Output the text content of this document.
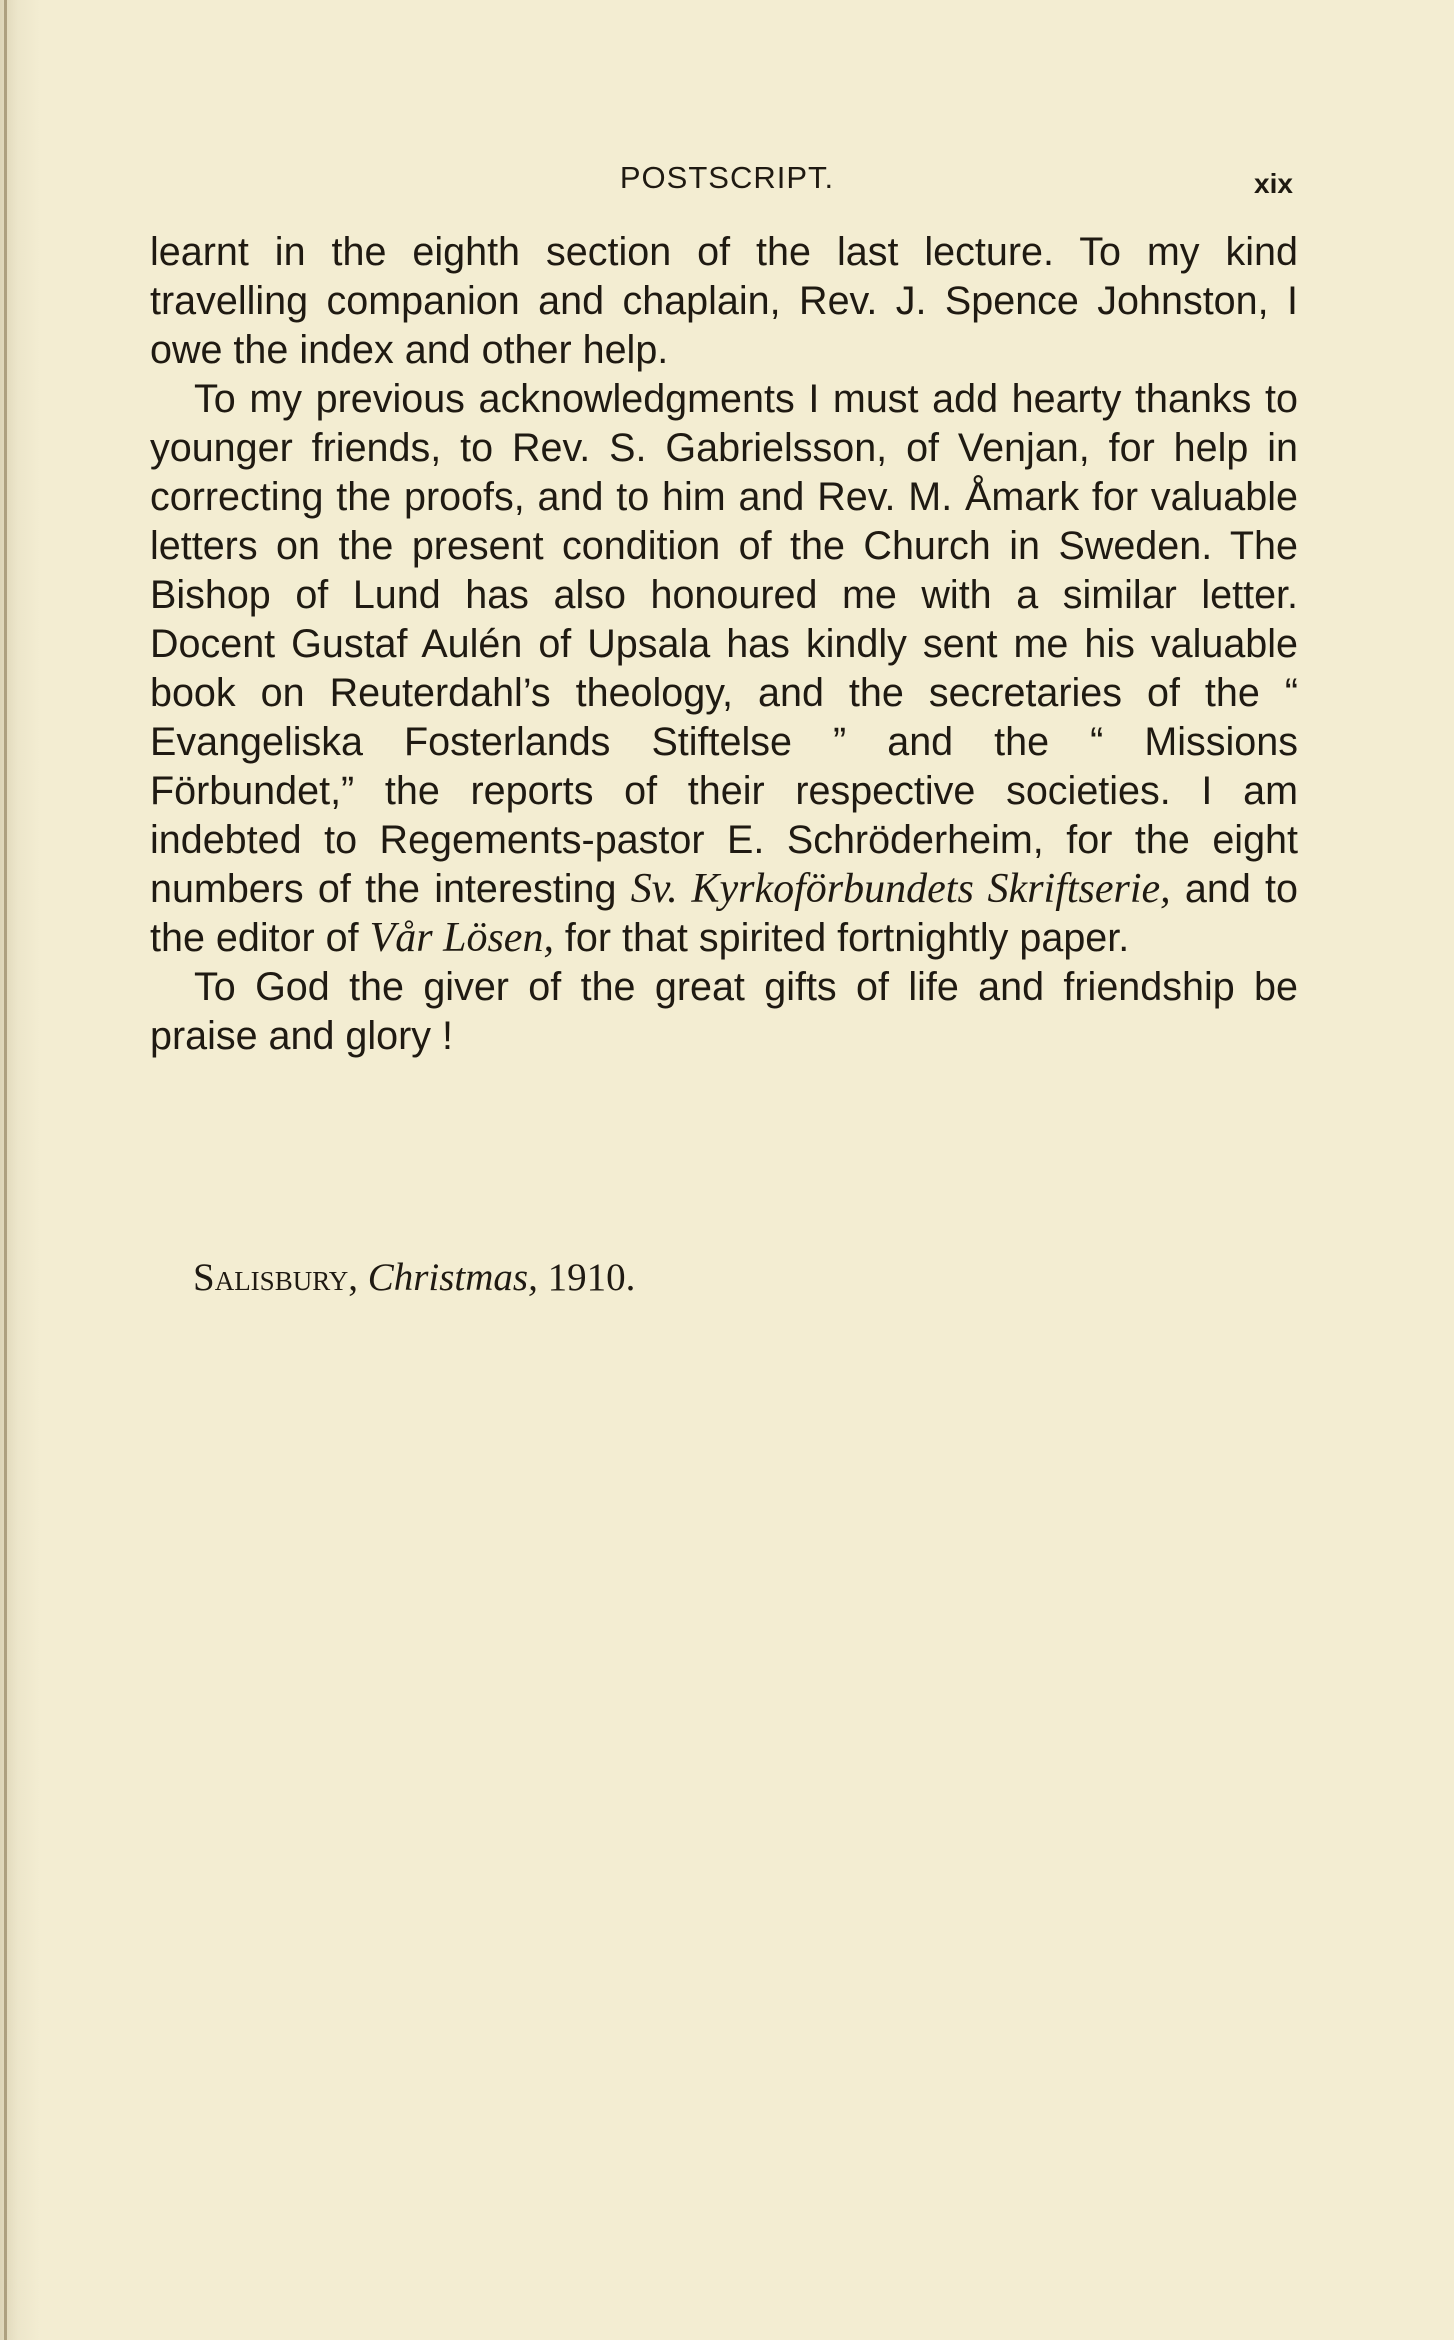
POSTSCRIPT.	xix

learnt in the eighth section of the last lecture. To my kind travelling companion and chaplain, Rev. J. Spence Johnston, I owe the index and other help.

To my previous acknowledgments I must add hearty thanks to younger friends, to Rev. S. Gabrielsson, of Venjan, for help in correcting the proofs, and to him and Rev. M. Åmark for valuable letters on the present condition of the Church in Sweden. The Bishop of Lund has also honoured me with a similar letter. Docent Gustaf Aulén of Upsala has kindly sent me his valuable book on Reuterdahl’s theology, and the secretaries of the “ Evangeliska Fosterlands Stiftelse ” and the “ Missions Förbundet,” the reports of their respective societies. I am indebted to Regements-pastor E. Schröderheim, for the eight numbers of the interesting Sv. Kyrkoförbundets Skriftserie, and to the editor of Vår Lösen, for that spirited fortnightly paper.

To God the giver of the great gifts of life and friendship be praise and glory !

Salisbury, Christmas, 1910.
